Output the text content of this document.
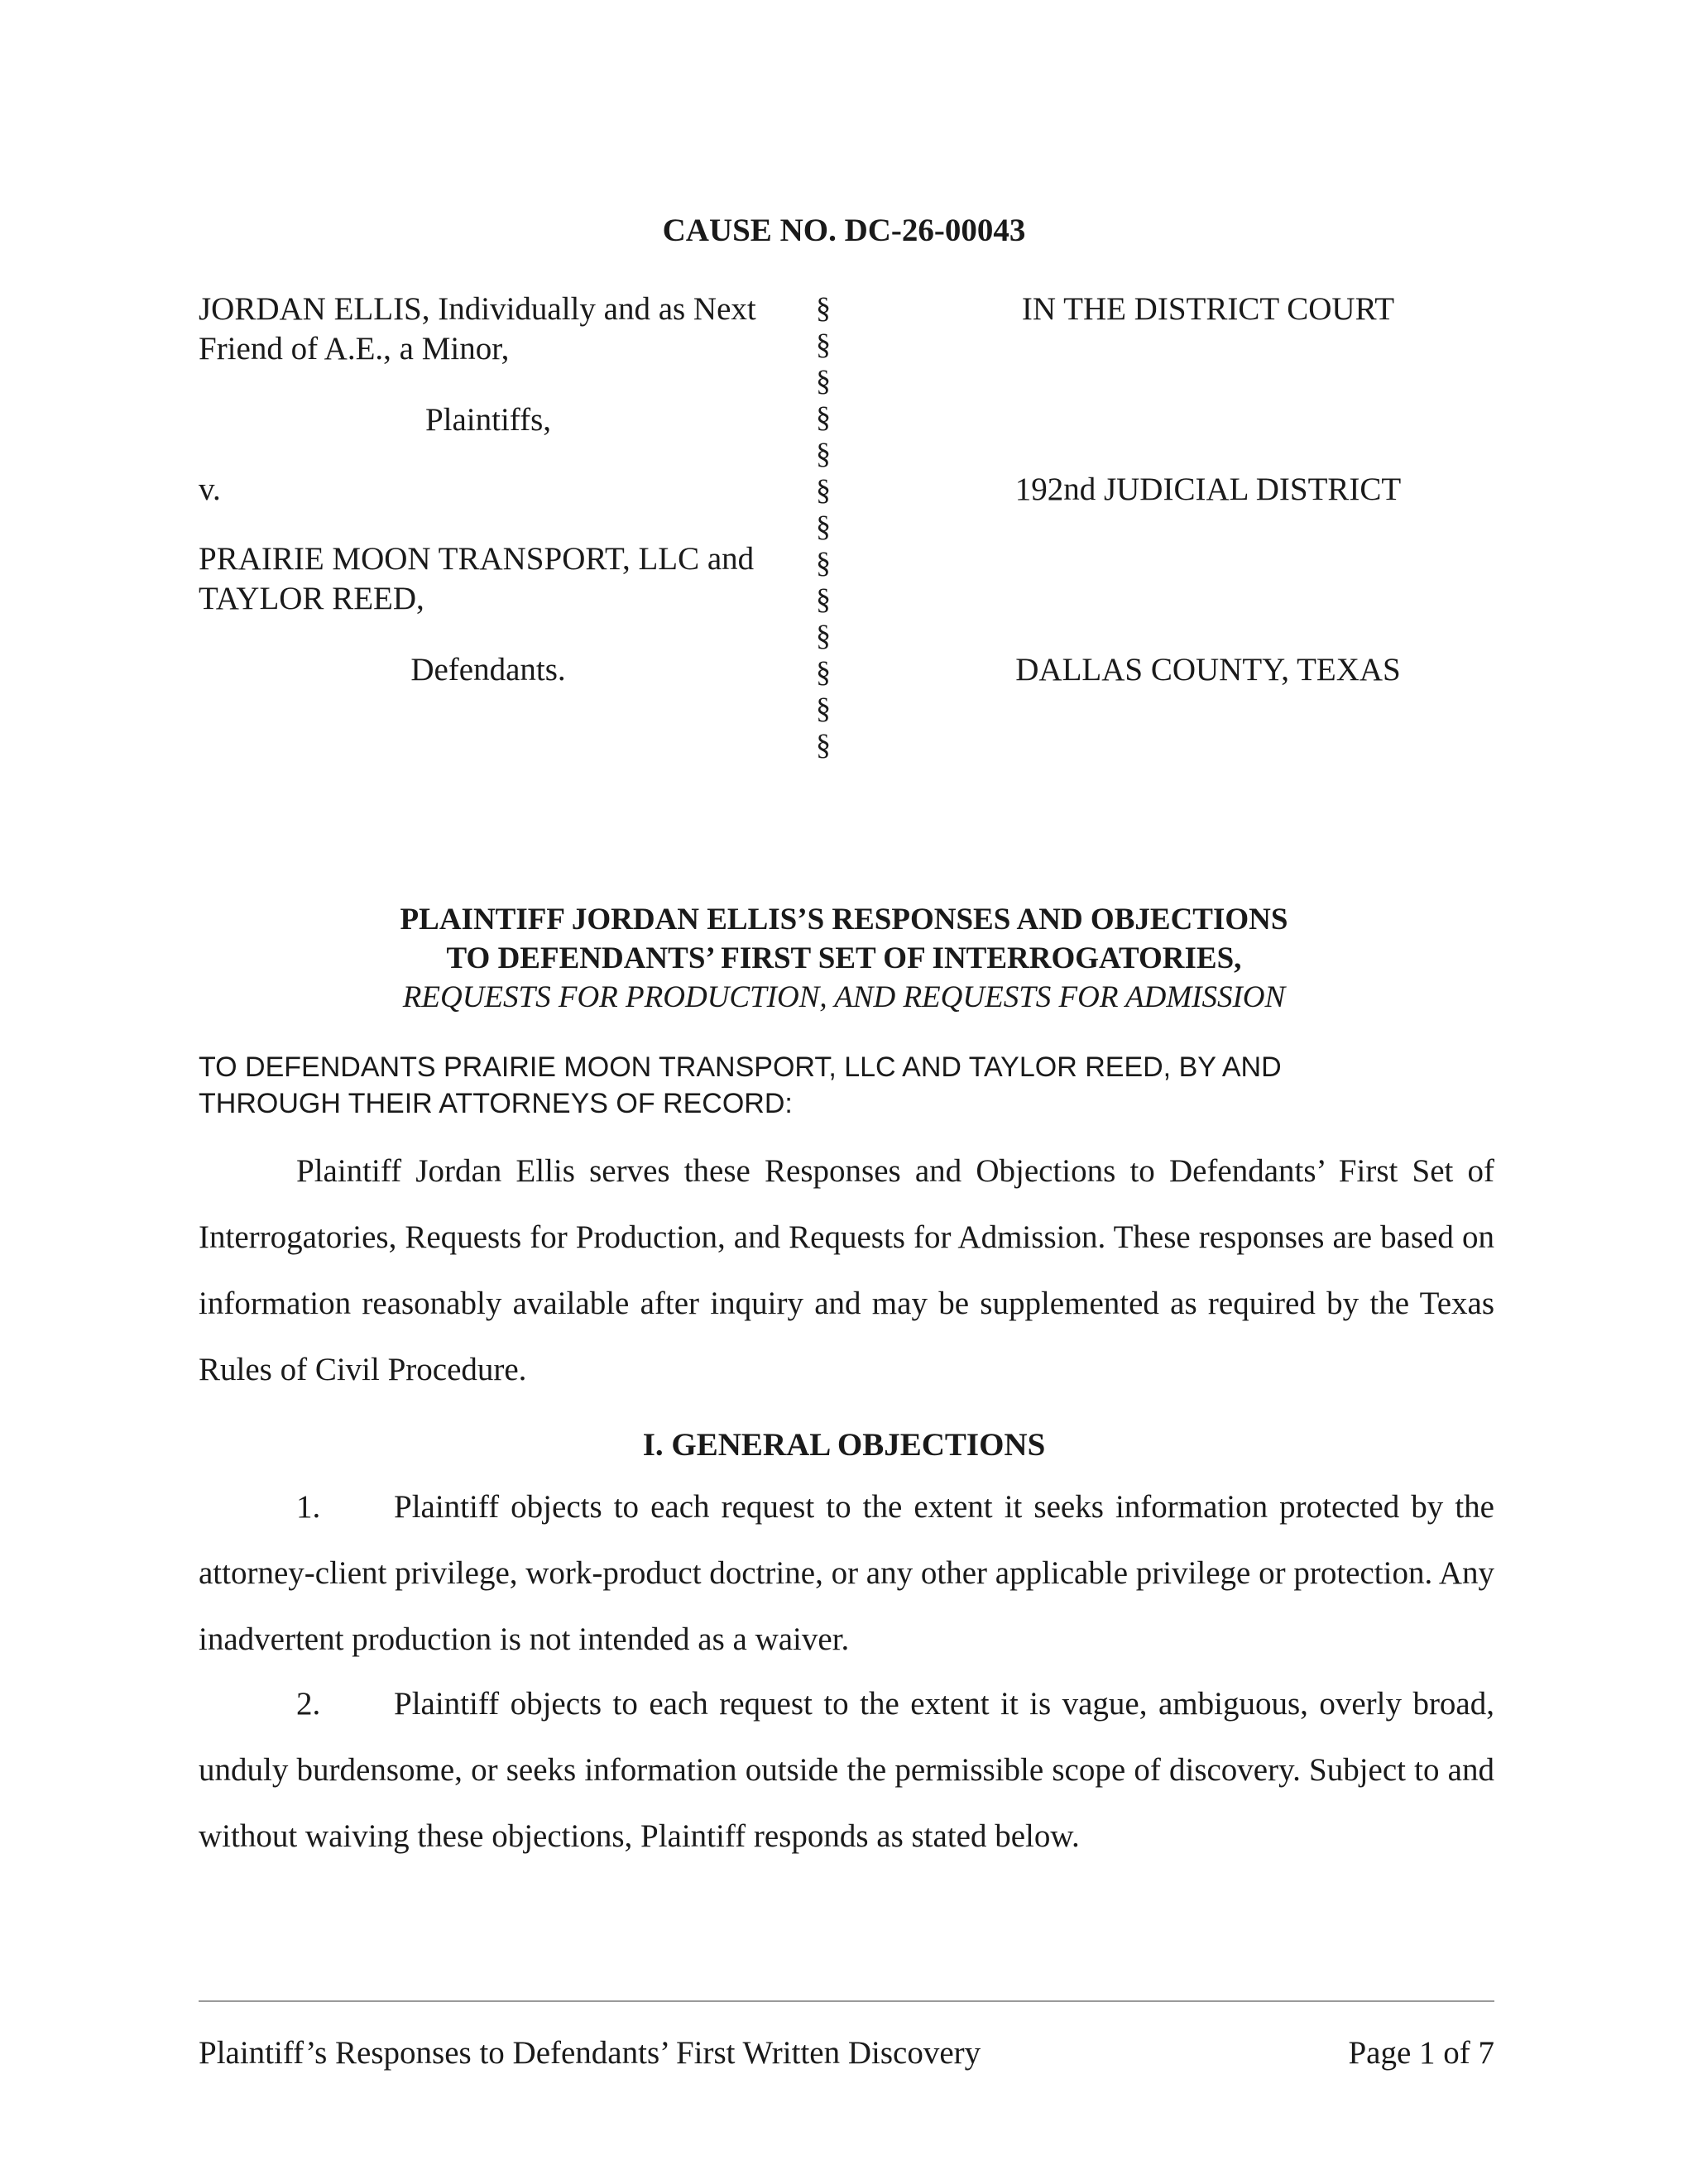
CAUSE NO. DC-26-00043
JORDAN ELLIS, Individually and as Next
Friend of A.E., a Minor,
Plaintiffs,
v.
PRAIRIE MOON TRANSPORT, LLC and
TAYLOR REED,
Defendants.
§
§
§
§
§
§
§
§
§
§
§
§
§
IN THE DISTRICT COURT
192nd JUDICIAL DISTRICT
DALLAS COUNTY, TEXAS
PLAINTIFF JORDAN ELLIS’S RESPONSES AND OBJECTIONS
TO DEFENDANTS’ FIRST SET OF INTERROGATORIES,
REQUESTS FOR PRODUCTION, AND REQUESTS FOR ADMISSION
TO DEFENDANTS PRAIRIE MOON TRANSPORT, LLC AND TAYLOR REED, BY AND
THROUGH THEIR ATTORNEYS OF RECORD:
Plaintiff Jordan Ellis serves these Responses and Objections to Defendants’ First Set of Interrogatories, Requests for Production, and Requests for Admission. These responses are based on information reasonably available after inquiry and may be supplemented as required by the Texas Rules of Civil Procedure.
I. GENERAL OBJECTIONS
1. Plaintiff objects to each request to the extent it seeks information protected by the attorney-client privilege, work-product doctrine, or any other applicable privilege or protection. Any inadvertent production is not intended as a waiver.
2. Plaintiff objects to each request to the extent it is vague, ambiguous, overly broad, unduly burdensome, or seeks information outside the permissible scope of discovery. Subject to and without waiving these objections, Plaintiff responds as stated below.
Plaintiff’s Responses to Defendants’ First Written Discovery	Page 1 of 7
